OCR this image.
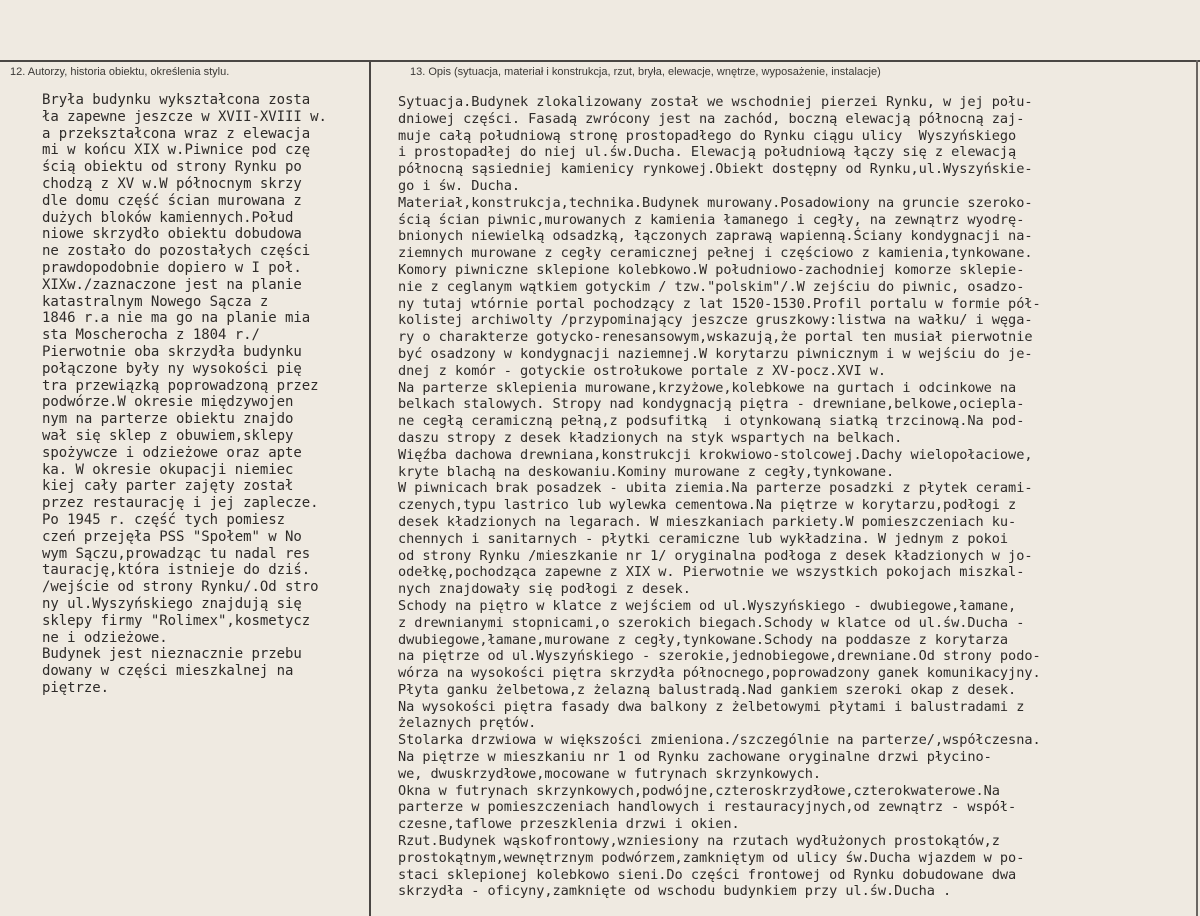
12. Autorzy, historia obiektu, określenia stylu.	13. Opis (sytuacja, materiał i konstrukcja, rzut, bryła, elewacje, wnętrze, wyposażenie, instalacje)
Bryła budynku wykształcona zosta
ła zapewne jeszcze w XVII-XVIII w.
a przekształcona wraz z elewacja
mi w końcu XIX w.Piwnice pod czę
ścią obiektu od strony Rynku po
chodzą z XV w.W północnym skrzy
dle domu część ścian murowana z
dużych bloków kamiennych.Połud
niowe skrzydło obiektu dobudowa
ne zostało do pozostałych części
prawdopodobnie dopiero w I poł.
XIXw./zaznaczone jest na planie
katastralnym Nowego Sącza z
1846 r.a nie ma go na planie mia
sta Moscherocha z 1804 r./
Pierwotnie oba skrzydła budynku
połączone były ny wysokości pię
tra przewiązką poprowadzoną przez
podwórze.W okresie międzywojen
nym na parterze obiektu znajdo
wał się sklep z obuwiem,sklepy
spożywcze i odzieżowe oraz apte
ka. W okresie okupacji niemiec
kiej cały parter zajęty został
przez restaurację i jej zaplecze.
Po 1945 r. część tych pomiesz
czeń przejęła PSS "Społem" w No
wym Sączu,prowadząc tu nadal res
taurację,która istnieje do dziś.
/wejście od strony Rynku/.Od stro
ny ul.Wyszyńskiego znajdują się
sklepy firmy "Rolimex",kosmetycz
ne i odzieżowe.
Budynek jest nieznacznie przebu
dowany w części mieszkalnej na
piętrze.
Sytuacja.Budynek zlokalizowany został we wschodniej pierzei Rynku, w jej połu-
dniowej części. Fasadą zwrócony jest na zachód, boczną elewacją północną zaj-
muje całą południową stronę prostopadłego do Rynku ciągu ulicy  Wyszyńskiego
i prostopadłej do niej ul.św.Ducha. Elewacją południową łączy się z elewacją
północną sąsiedniej kamienicy rynkowej.Obiekt dostępny od Rynku,ul.Wyszyńskie-
go i św. Ducha.
Materiał,konstrukcja,technika.Budynek murowany.Posadowiony na gruncie szeroko-
ścią ścian piwnic,murowanych z kamienia łamanego i cegły, na zewnątrz wyodrę-
bnionych niewielką odsadzką, łączonych zaprawą wapienną.Ściany kondygnacji na-
ziemnych murowane z cegły ceramicznej pełnej i częściowo z kamienia,tynkowane.
Komory piwniczne sklepione kolebkowo.W południowo-zachodniej komorze sklepie-
nie z ceglanym wątkiem gotyckim / tzw."polskim"/.W zejściu do piwnic, osadzo-
ny tutaj wtórnie portal pochodzący z lat 1520-1530.Profil portalu w formie pół-
kolistej archiwolty /przypominający jeszcze gruszkowy:listwa na wałku/ i węga-
ry o charakterze gotycko-renesansowym,wskazują,że portal ten musiał pierwotnie
być osadzony w kondygnacji naziemnej.W korytarzu piwnicznym i w wejściu do je-
dnej z komór - gotyckie ostrołukowe portale z XV-pocz.XVI w.
Na parterze sklepienia murowane,krzyżowe,kolebkowe na gurtach i odcinkowe na
belkach stalowych. Stropy nad kondygnacją piętra - drewniane,belkowe,ociepla-
ne cegłą ceramiczną pełną,z podsufitką  i otynkowaną siatką trzcinową.Na pod-
daszu stropy z desek kładzionych na styk wspartych na belkach.
Więźba dachowa drewniana,konstrukcji krokwiowo-stolcowej.Dachy wielopołaciowe,
kryte blachą na deskowaniu.Kominy murowane z cegły,tynkowane.
W piwnicach brak posadzek - ubita ziemia.Na parterze posadzki z płytek cerami-
czenych,typu lastrico lub wylewka cementowa.Na piętrze w korytarzu,podłogi z
desek kładzionych na legarach. W mieszkaniach parkiety.W pomieszczeniach ku-
chennych i sanitarnych - płytki ceramiczne lub wykładzina. W jednym z pokoi
od strony Rynku /mieszkanie nr 1/ oryginalna podłoga z desek kładzionych w jo-
odełkę,pochodząca zapewne z XIX w. Pierwotnie we wszystkich pokojach miszkal-
nych znajdowały się podłogi z desek.
Schody na piętro w klatce z wejściem od ul.Wyszyńskiego - dwubiegowe,łamane,
z drewnianymi stopnicami,o szerokich biegach.Schody w klatce od ul.św.Ducha -
dwubiegowe,łamane,murowane z cegły,tynkowane.Schody na poddasze z korytarza
na piętrze od ul.Wyszyńskiego - szerokie,jednobiegowe,drewniane.Od strony podo-
wórza na wysokości piętra skrzydła północnego,poprowadzony ganek komunikacyjny.
Płyta ganku żelbetowa,z żelazną balustradą.Nad gankiem szeroki okap z desek.
Na wysokości piętra fasady dwa balkony z żelbetowymi płytami i balustradami z
żelaznych prętów.
Stolarka drzwiowa w większości zmieniona./szczególnie na parterze/,współczesna.
Na piętrze w mieszkaniu nr 1 od Rynku zachowane oryginalne drzwi płycino-
we, dwuskrzydłowe,mocowane w futrynach skrzynkowych.
Okna w futrynach skrzynkowych,podwójne,czteroskrzydłowe,czterokwaterowe.Na
parterze w pomieszczeniach handlowych i restauracyjnych,od zewnątrz - współ-
czesne,taflowe przeszklenia drzwi i okien.
Rzut.Budynek wąskofrontowy,wzniesiony na rzutach wydłużonych prostokątów,z
prostokątnym,wewnętrznym podwórzem,zamkniętym od ulicy św.Ducha wjazdem w po-
staci sklepionej kolebkowo sieni.Do części frontowej od Rynku dobudowane dwa
skrzydła - oficyny,zamknięte od wschodu budynkiem przy ul.św.Ducha .
